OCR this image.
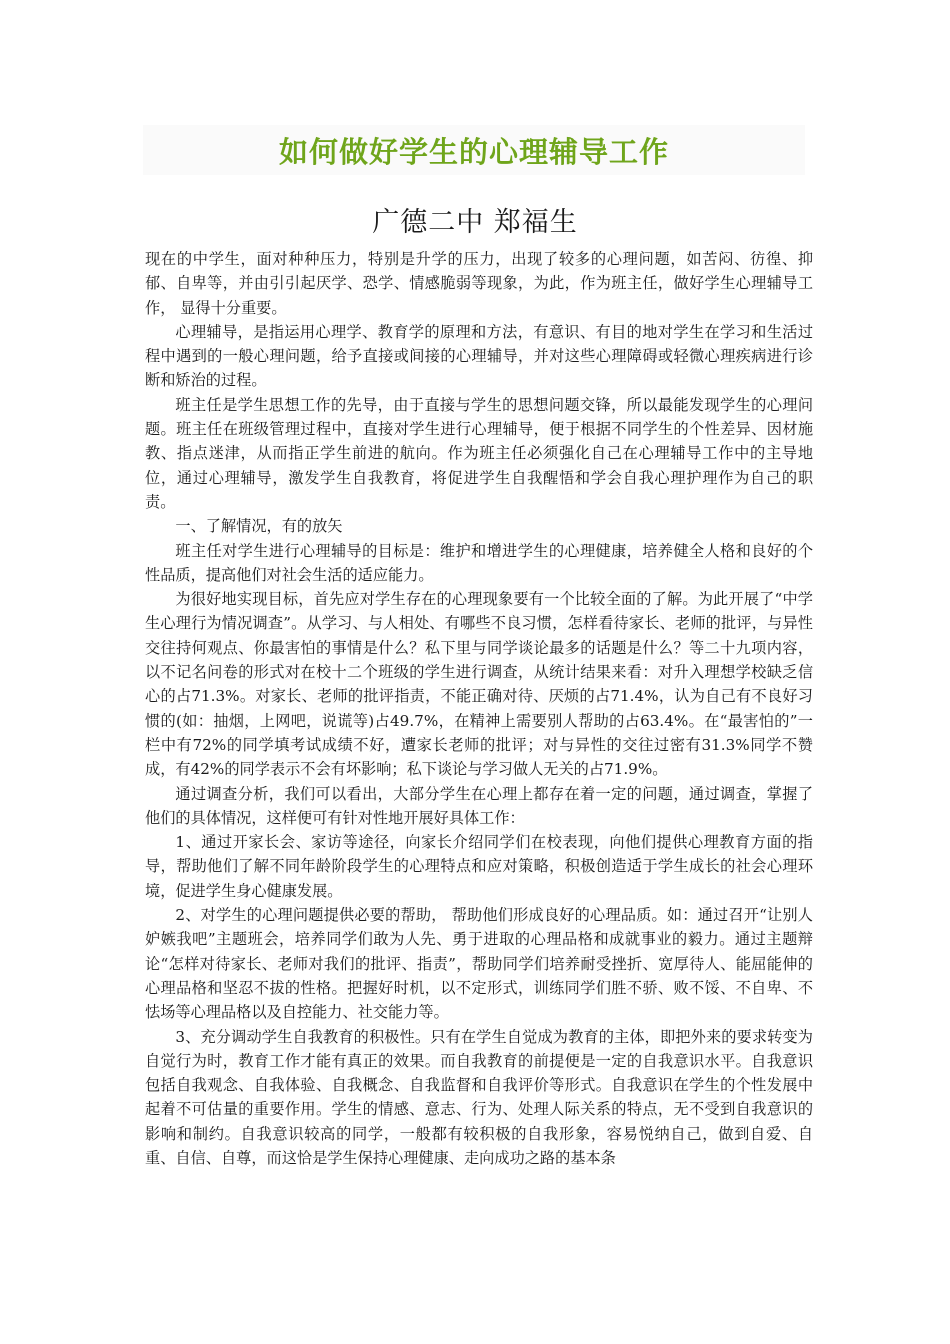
如何做好学生的心理辅导工作
广德二中 郑福生

现在的中学生，面对种种压力，特别是升学的压力，出现了较多的心理问题，如苦闷、彷徨、抑郁、自卑等，并由引引起厌学、恐学、情感脆弱等现象，为此，作为班主任，做好学生心理辅导工作， 显得十分重要。

心理辅导，是指运用心理学、教育学的原理和方法，有意识、有目的地对学生在学习和生活过程中遇到的一般心理问题，给予直接或间接的心理辅导，并对这些心理障碍或轻微心理疾病进行诊断和矫治的过程。

班主任是学生思想工作的先导，由于直接与学生的思想问题交锋，所以最能发现学生的心理问题。班主任在班级管理过程中，直接对学生进行心理辅导，便于根据不同学生的个性差异、因材施教、指点迷津，从而指正学生前进的航向。作为班主任必须强化自己在心理辅导工作中的主导地位，通过心理辅导，激发学生自我教育，将促进学生自我醒悟和学会自我心理护理作为自己的职责。

一、了解情况，有的放矢

班主任对学生进行心理辅导的目标是：维护和增进学生的心理健康，培养健全人格和良好的个性品质，提高他们对社会生活的适应能力。

为很好地实现目标，首先应对学生存在的心理现象要有一个比较全面的了解。为此开展了“中学生心理行为情况调查”。从学习、与人相处、有哪些不良习惯，怎样看待家长、老师的批评，与异性交往持何观点、你最害怕的事情是什么？私下里与同学谈论最多的话题是什么？等二十九项内容，以不记名问卷的形式对在校十二个班级的学生进行调查，从统计结果来看：对升入理想学校缺乏信心的占71.3%。对家长、老师的批评指责，不能正确对待、厌烦的占71.4%，认为自己有不良好习惯的(如：抽烟，上网吧，说谎等)占49.7%，在精神上需要别人帮助的占63.4%。在“最害怕的”一栏中有72%的同学填考试成绩不好，遭家长老师的批评；对与异性的交往过密有31.3%同学不赞成，有42%的同学表示不会有坏影响；私下谈论与学习做人无关的占71.9%。

通过调查分析，我们可以看出，大部分学生在心理上都存在着一定的问题，通过调查，掌握了他们的具体情况，这样便可有针对性地开展好具体工作：

1、通过开家长会、家访等途径，向家长介绍同学们在校表现，向他们提供心理教育方面的指导，帮助他们了解不同年龄阶段学生的心理特点和应对策略，积极创造适于学生成长的社会心理环境，促进学生身心健康发展。

2、对学生的心理问题提供必要的帮助， 帮助他们形成良好的心理品质。如：通过召开“让别人妒嫉我吧”主题班会，培养同学们敢为人先、勇于进取的心理品格和成就事业的毅力。通过主题辩论“怎样对待家长、老师对我们的批评、指责”，帮助同学们培养耐受挫折、宽厚待人、能屈能伸的心理品格和坚忍不拔的性格。把握好时机，以不定形式，训练同学们胜不骄、败不馁、不自卑、不怯场等心理品格以及自控能力、社交能力等。

3、充分调动学生自我教育的积极性。只有在学生自觉成为教育的主体，即把外来的要求转变为自觉行为时，教育工作才能有真正的效果。而自我教育的前提便是一定的自我意识水平。自我意识包括自我观念、自我体验、自我概念、自我监督和自我评价等形式。自我意识在学生的个性发展中起着不可估量的重要作用。学生的情感、意志、行为、处理人际关系的特点，无不受到自我意识的影响和制约。自我意识较高的同学，一般都有较积极的自我形象，容易悦纳自己，做到自爱、自重、自信、自尊，而这恰是学生保持心理健康、走向成功之路的基本条
